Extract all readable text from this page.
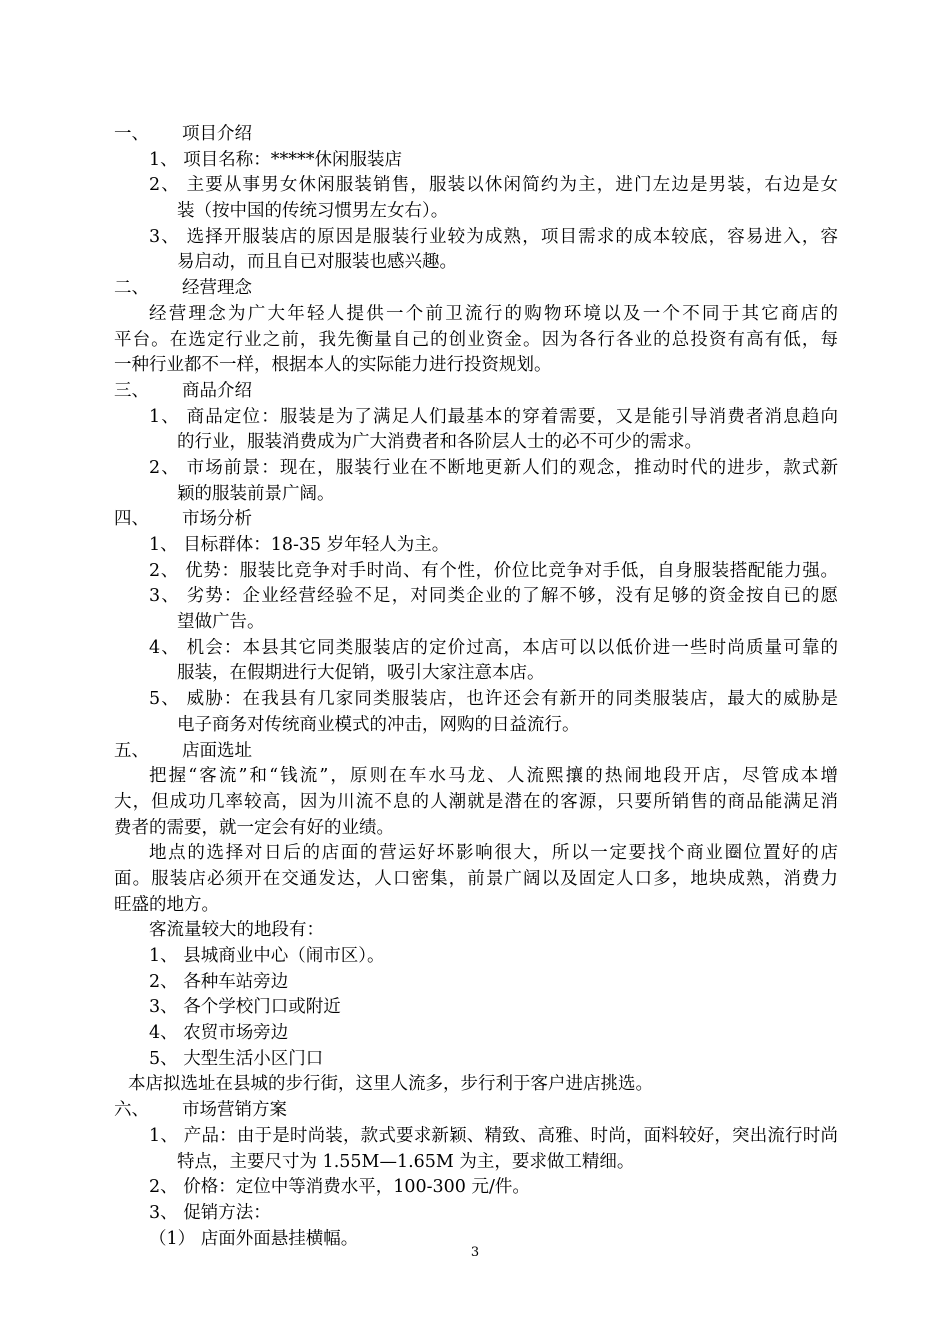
一、 项目介绍
1、 项目名称：*****休闲服装店
2、 主要从事男女休闲服装销售，服装以休闲简约为主，进门左边是男装，右边是女
装（按中国的传统习惯男左女右）。
3、 选择开服装店的原因是服装行业较为成熟，项目需求的成本较底，容易进入，容
易启动，而且自已对服装也感兴趣。
二、 经营理念
经营理念为广大年轻人提供一个前卫流行的购物环境以及一个不同于其它商店的
平台。在选定行业之前，我先衡量自己的创业资金。因为各行各业的总投资有高有低，每
一种行业都不一样，根据本人的实际能力进行投资规划。
三、 商品介绍
1、 商品定位：服装是为了满足人们最基本的穿着需要，又是能引导消费者消息趋向
的行业，服装消费成为广大消费者和各阶层人士的必不可少的需求。
2、 市场前景：现在，服装行业在不断地更新人们的观念，推动时代的进步，款式新
颖的服装前景广阔。
四、 市场分析
1、 目标群体：18-35 岁年轻人为主。
2、 优势：服装比竞争对手时尚、有个性，价位比竞争对手低，自身服装搭配能力强。
3、 劣势：企业经营经验不足，对同类企业的了解不够，没有足够的资金按自已的愿
望做广告。
4、 机会：本县其它同类服装店的定价过高，本店可以以低价进一些时尚质量可靠的
服装，在假期进行大促销，吸引大家注意本店。
5、 威胁：在我县有几家同类服装店，也许还会有新开的同类服装店，最大的威胁是
电子商务对传统商业模式的冲击，网购的日益流行。
五、 店面选址
把握“客流”和“钱流”，原则在车水马龙、人流熙攘的热闹地段开店，尽管成本增
大，但成功几率较高，因为川流不息的人潮就是潜在的客源，只要所销售的商品能满足消
费者的需要，就一定会有好的业绩。
地点的选择对日后的店面的营运好坏影响很大，所以一定要找个商业圈位置好的店
面。服装店必须开在交通发达，人口密集，前景广阔以及固定人口多，地块成熟，消费力
旺盛的地方。
客流量较大的地段有：
1、 县城商业中心（闹市区）。
2、 各种车站旁边
3、 各个学校门口或附近
4、 农贸市场旁边
5、 大型生活小区门口
本店拟选址在县城的步行街，这里人流多，步行利于客户进店挑选。
六、 市场营销方案
1、 产品：由于是时尚装，款式要求新颖、精致、高雅、时尚，面料较好，突出流行时尚
特点，主要尺寸为 1.55M—1.65M 为主，要求做工精细。
2、 价格：定位中等消费水平，100-300 元/件。
3、 促销方法：
（1） 店面外面悬挂横幅。
3
